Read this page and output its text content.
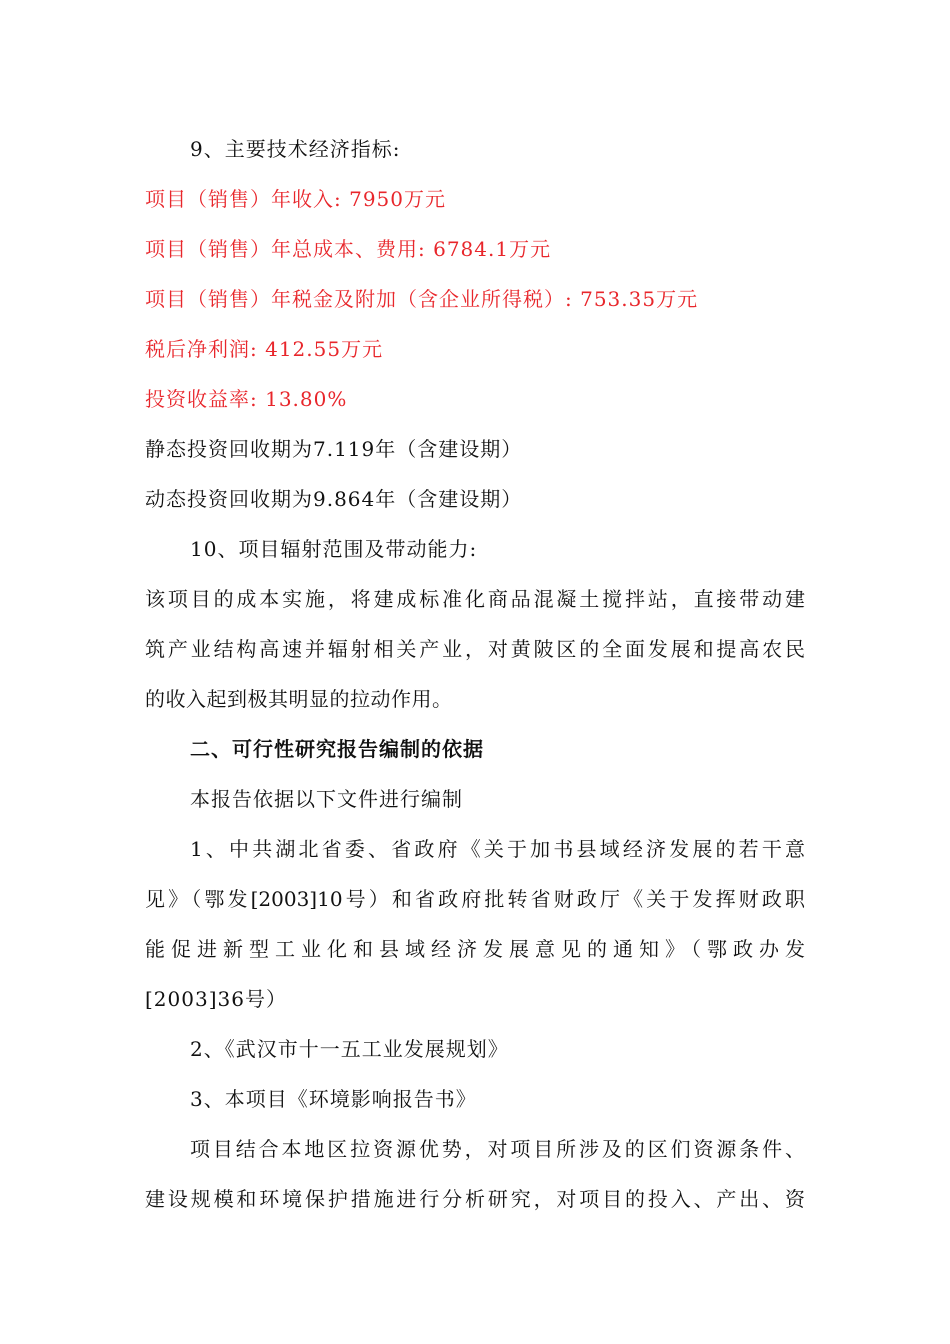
9、主要技术经济指标:
项目（销售）年收入: 7950万元
项目（销售）年总成本、费用: 6784.1万元
项目（销售）年税金及附加（含企业所得税）: 753.35万元
税后净利润: 412.55万元
投资收益率: 13.80%
静态投资回收期为7.119年（含建设期）
动态投资回收期为9.864年（含建设期）
10、项目辐射范围及带动能力:
该项目的成本实施，将建成标准化商品混凝土搅拌站，直接带动建
筑产业结构高速并辐射相关产业，对黄陂区的全面发展和提高农民
的收入起到极其明显的拉动作用。
二、可行性研究报告编制的依据
本报告依据以下文件进行编制
1、中共湖北省委、省政府《关于加书县域经济发展的若干意
见》（鄂发[2003]10号）和省政府批转省财政厅《关于发挥财政职
能促进新型工业化和县域经济发展意见的通知》（鄂政办发
[2003]36号）
2、《武汉市十一五工业发展规划》
3、本项目《环境影响报告书》
项目结合本地区拉资源优势，对项目所涉及的区们资源条件、
建设规模和环境保护措施进行分析研究，对项目的投入、产出、资
